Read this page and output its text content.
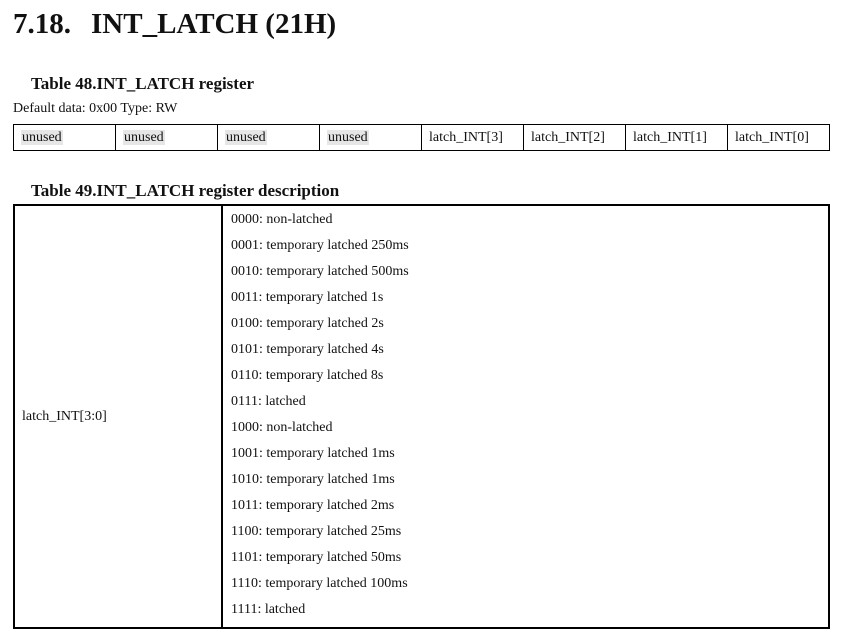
7.18. INT_LATCH (21H)
Table 48.INT_LATCH register
Default data: 0x00 Type: RW
unused	unused	unused	unused	latch_INT[3]	latch_INT[2]	latch_INT[1]	latch_INT[0]
Table 49.INT_LATCH register description
latch_INT[3:0]	
0000: non-latched
0001: temporary latched 250ms
0010: temporary latched 500ms
0011: temporary latched 1s
0100: temporary latched 2s
0101: temporary latched 4s
0110: temporary latched 8s
0111: latched
1000: non-latched
1001: temporary latched 1ms
1010: temporary latched 1ms
1011: temporary latched 2ms
1100: temporary latched 25ms
1101: temporary latched 50ms
1110: temporary latched 100ms
1111: latched
